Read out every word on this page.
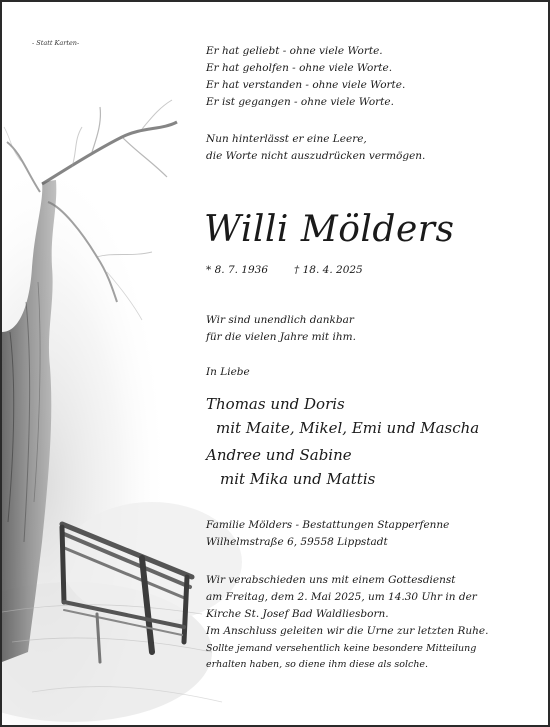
- Statt Karten-
Er hat geliebt - ohne viele Worte.
Er hat geholfen - ohne viele Worte.
Er hat verstanden - ohne viele Worte.
Er ist gegangen - ohne viele Worte.
Nun hinterlässt er eine Leere,
die Worte nicht auszudrücken vermögen.
Willi Mölders
* 8. 7. 1936 † 18. 4. 2025
Wir sind unendlich dankbar
für die vielen Jahre mit ihm.
In Liebe
Thomas und Doris
mit Maite, Mikel, Emi und Mascha
Andree und Sabine
mit Mika und Mattis
Familie Mölders - Bestattungen Stapperfenne
Wilhelmstraße 6, 59558 Lippstadt
Wir verabschieden uns mit einem Gottesdienst
am Freitag, dem 2. Mai 2025, um 14.30 Uhr in der
Kirche St. Josef Bad Waldliesborn.
Im Anschluss geleiten wir die Urne zur letzten Ruhe.
Sollte jemand versehentlich keine besondere Mitteilung
erhalten haben, so diene ihm diese als solche.
